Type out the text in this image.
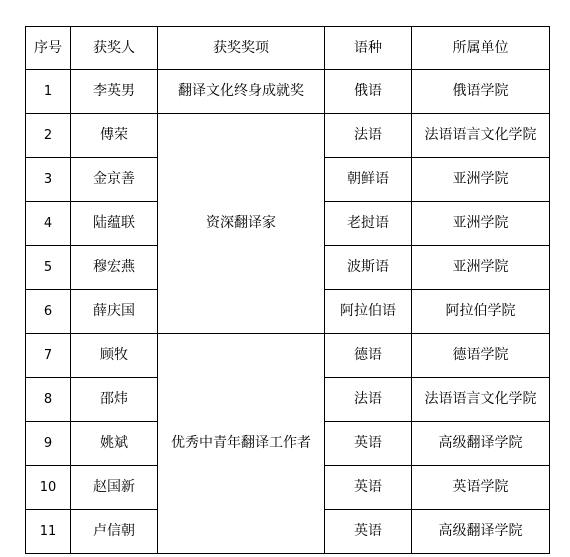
序号	获奖人	获奖奖项	语种	所属单位
1	李英男	翻译文化终身成就奖	俄语	俄语学院
2	傅荣	资深翻译家	法语	法语语言文化学院
3	金京善		朝鲜语	亚洲学院
4	陆蕴联		老挝语	亚洲学院
5	穆宏燕		波斯语	亚洲学院
6	薛庆国		阿拉伯语	阿拉伯学院
7	顾牧	优秀中青年翻译工作者	德语	德语学院
8	邵炜		法语	法语语言文化学院
9	姚斌		英语	高级翻译学院
10	赵国新		英语	英语学院
11	卢信朝		英语	高级翻译学院
